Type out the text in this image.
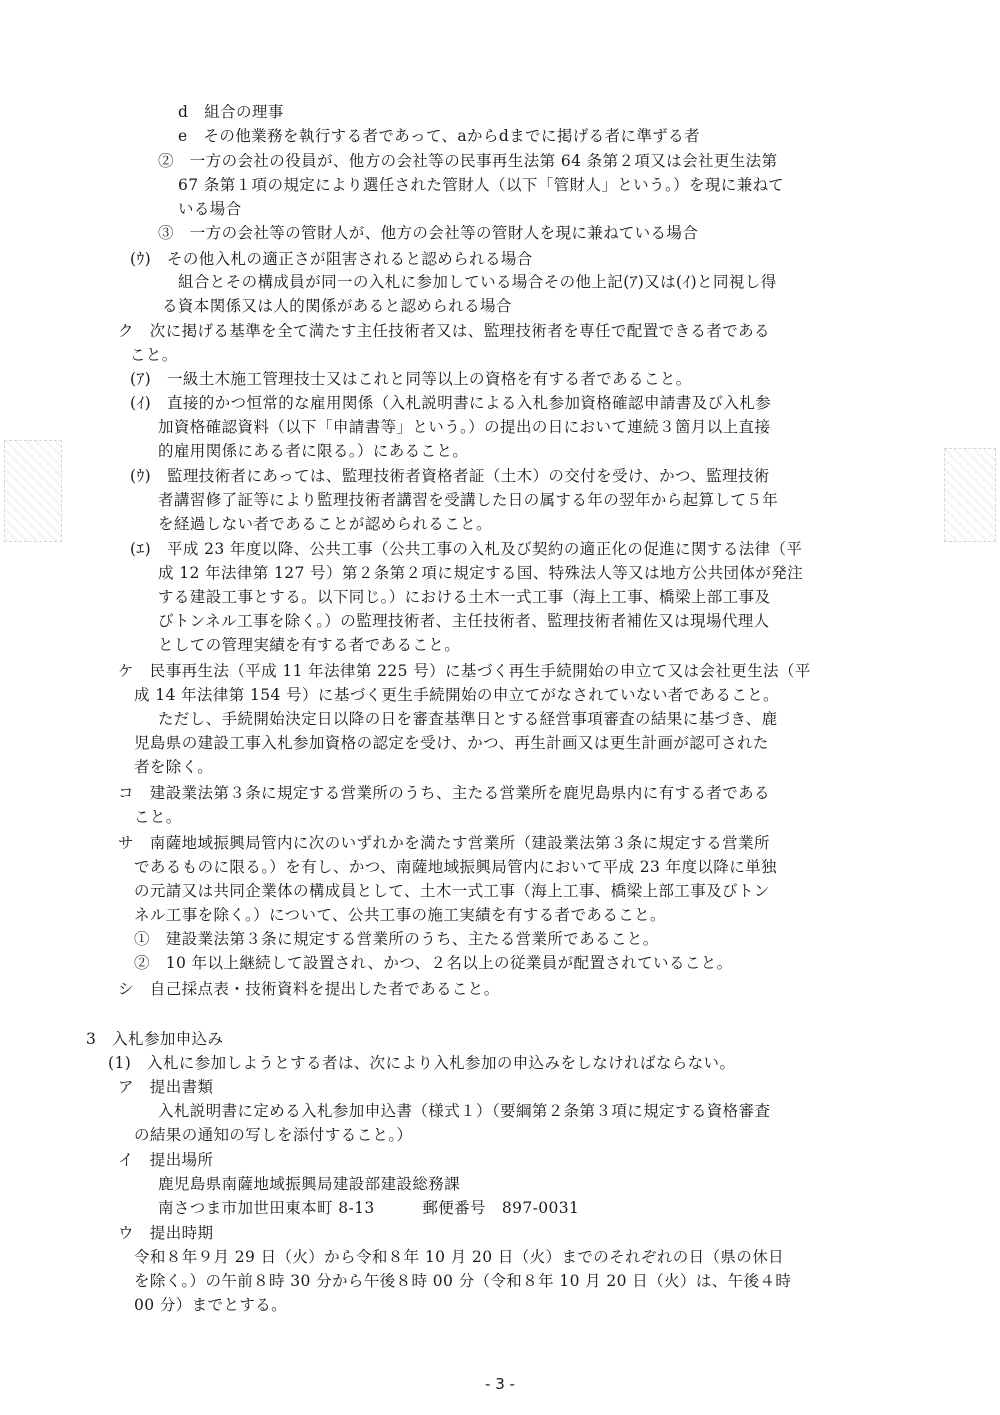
d　組合の理事
e　その他業務を執行する者であって、aからdまでに掲げる者に準ずる者
②　一方の会社の役員が、他方の会社等の民事再生法第 64 条第２項又は会社更生法第
67 条第１項の規定により選任された管財人（以下「管財人」という。）を現に兼ねて
いる場合
③　一方の会社等の管財人が、他方の会社等の管財人を現に兼ねている場合
(ｳ)　その他入札の適正さが阻害されると認められる場合
組合とその構成員が同一の入札に参加している場合その他上記(ｱ)又は(ｲ)と同視し得
る資本関係又は人的関係があると認められる場合
ク　次に掲げる基準を全て満たす主任技術者又は、監理技術者を専任で配置できる者である
こと。
(ｱ)　一級土木施工管理技士又はこれと同等以上の資格を有する者であること。
(ｲ)　直接的かつ恒常的な雇用関係（入札説明書による入札参加資格確認申請書及び入札参
加資格確認資料（以下「申請書等」という。）の提出の日において連続３箇月以上直接
的雇用関係にある者に限る。）にあること。
(ｳ)　監理技術者にあっては、監理技術者資格者証（土木）の交付を受け、かつ、監理技術
者講習修了証等により監理技術者講習を受講した日の属する年の翌年から起算して５年
を経過しない者であることが認められること。
(ｴ)　平成 23 年度以降、公共工事（公共工事の入札及び契約の適正化の促進に関する法律（平
成 12 年法律第 127 号）第２条第２項に規定する国、特殊法人等又は地方公共団体が発注
する建設工事とする。以下同じ。）における土木一式工事（海上工事、橋梁上部工事及
びトンネル工事を除く。）の監理技術者、主任技術者、監理技術者補佐又は現場代理人
としての管理実績を有する者であること。
ケ　民事再生法（平成 11 年法律第 225 号）に基づく再生手続開始の申立て又は会社更生法（平
成 14 年法律第 154 号）に基づく更生手続開始の申立てがなされていない者であること。
ただし、手続開始決定日以降の日を審査基準日とする経営事項審査の結果に基づき、鹿
児島県の建設工事入札参加資格の認定を受け、かつ、再生計画又は更生計画が認可された
者を除く。
コ　建設業法第３条に規定する営業所のうち、主たる営業所を鹿児島県内に有する者である
こと。
サ　南薩地域振興局管内に次のいずれかを満たす営業所（建設業法第３条に規定する営業所
であるものに限る。）を有し、かつ、南薩地域振興局管内において平成 23 年度以降に単独
の元請又は共同企業体の構成員として、土木一式工事（海上工事、橋梁上部工事及びトン
ネル工事を除く。）について、公共工事の施工実績を有する者であること。
①　建設業法第３条に規定する営業所のうち、主たる営業所であること。
②　10 年以上継続して設置され、かつ、２名以上の従業員が配置されていること。
シ　自己採点表・技術資料を提出した者であること。
3　入札参加申込み
(1)　入札に参加しようとする者は、次により入札参加の申込みをしなければならない。
ア　提出書類
入札説明書に定める入札参加申込書（様式１）（要綱第２条第３項に規定する資格審査
の結果の通知の写しを添付すること。）
イ　提出場所
鹿児島県南薩地域振興局建設部建設総務課
南さつま市加世田東本町 8-13　　　郵便番号　897-0031
ウ　提出時期
令和８年９月 29 日（火）から令和８年 10 月 20 日（火）までのそれぞれの日（県の休日
を除く。）の午前８時 30 分から午後８時 00 分（令和８年 10 月 20 日（火）は、午後４時
00 分）までとする。
- 3 -
